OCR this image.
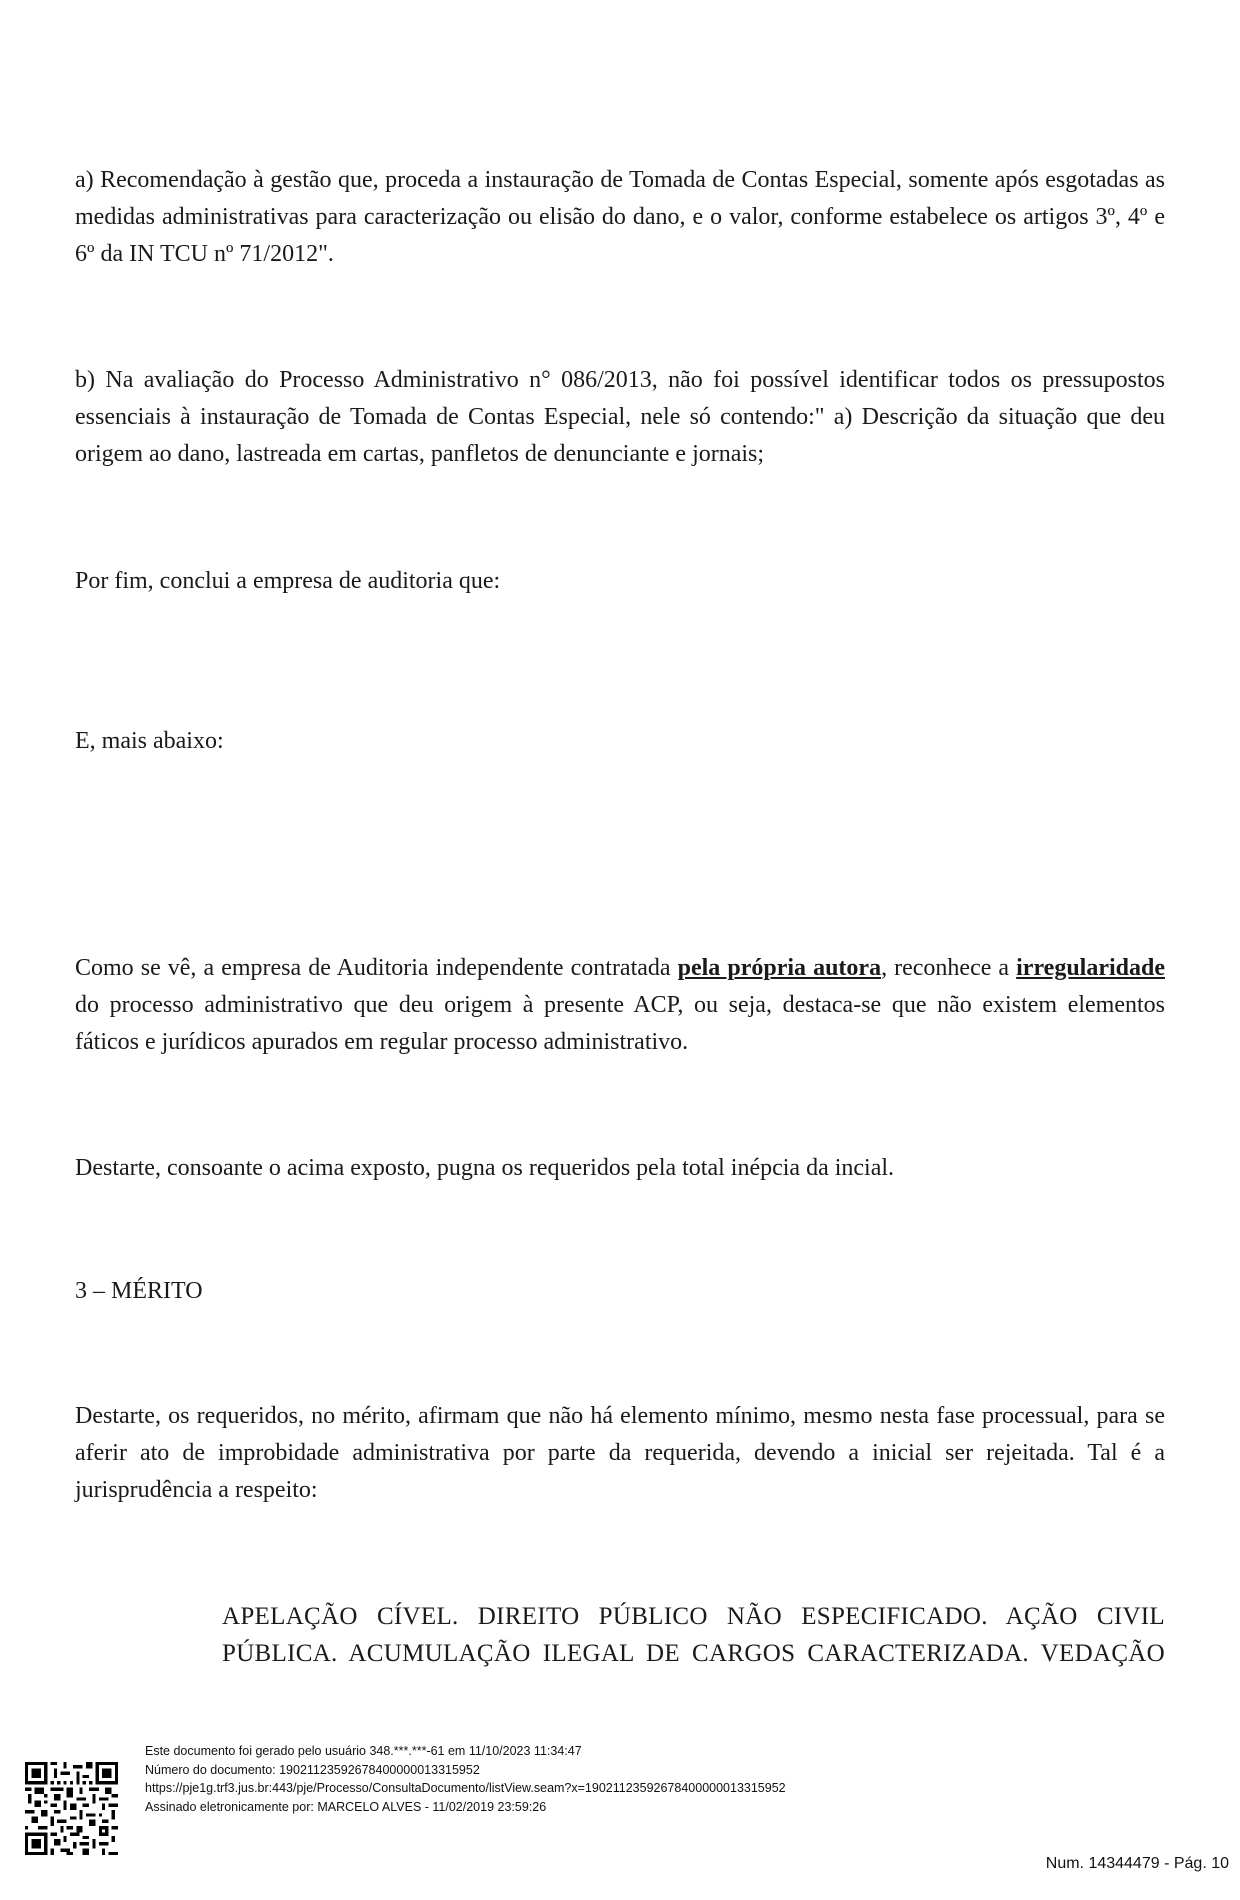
a) Recomendação à gestão que, proceda a instauração de Tomada de Contas Especial, somente após esgotadas as medidas administrativas para caracterização ou elisão do dano, e o valor, conforme estabelece os artigos 3º, 4º e 6º da IN TCU nº 71/2012".

b) Na avaliação do Processo Administrativo n° 086/2013, não foi possível identificar todos os pressupostos essenciais à instauração de Tomada de Contas Especial, nele só contendo:" a) Descrição da situação que deu origem ao dano, lastreada em cartas, panfletos de denunciante e jornais;

Por fim, conclui a empresa de auditoria que:

E, mais abaixo:

Como se vê, a empresa de Auditoria independente contratada pela própria autora, reconhece a irregularidade do processo administrativo que deu origem à presente ACP, ou seja, destaca-se que não existem elementos fáticos e jurídicos apurados em regular processo administrativo.

Destarte, consoante o acima exposto, pugna os requeridos pela total inépcia da incial.

3 – MÉRITO

Destarte, os requeridos, no mérito, afirmam que não há elemento mínimo, mesmo nesta fase processual, para se aferir ato de improbidade administrativa por parte da requerida, devendo a inicial ser rejeitada. Tal é a jurisprudência a respeito:

APELAÇÃO CÍVEL. DIREITO PÚBLICO NÃO ESPECIFICADO. AÇÃO CIVIL
PÚBLICA. ACUMULAÇÃO ILEGAL DE CARGOS CARACTERIZADA. VEDAÇÃO
Este documento foi gerado pelo usuário 348.***.***-61 em 11/10/2023 11:34:47
Número do documento: 19021123592678400000013315952
https://pje1g.trf3.jus.br:443/pje/Processo/ConsultaDocumento/listView.seam?x=19021123592678400000013315952
Assinado eletronicamente por: MARCELO ALVES - 11/02/2019 23:59:26
Num. 14344479 - Pág. 10
